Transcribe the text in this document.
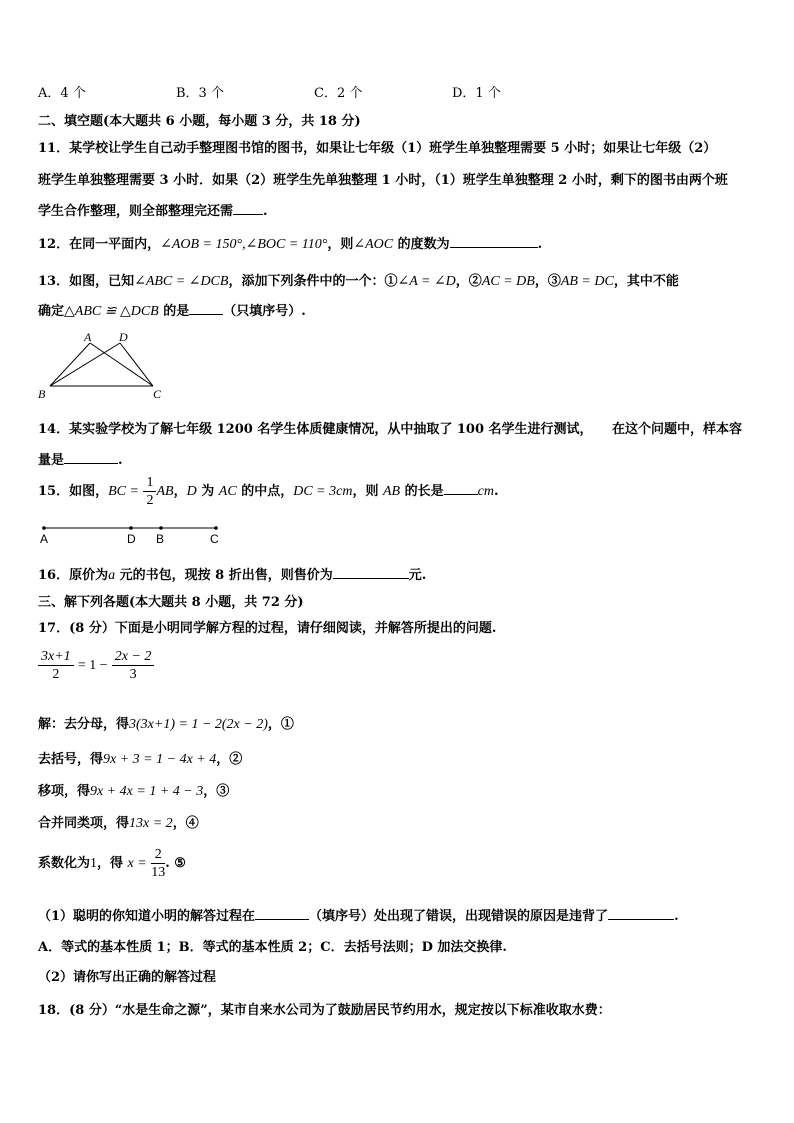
A．4 个	B．3 个	C．2 个	D．1 个
二、填空题(本大题共 6 小题，每小题 3 分，共 18 分)
11．某学校让学生自己动手整理图书馆的图书，如果让七年级（1）班学生单独整理需要 5 小时；如果让七年级（2）
班学生单独整理需要 3 小时．如果（2）班学生先单独整理 1 小时，（1）班学生单独整理 2 小时，剩下的图书由两个班
学生合作整理，则全部整理完还需 .
12．在同一平面内，∠AOB = 150°,∠BOC = 110°，则∠AOC 的度数为	.
13．如图，已知∠ABC = ∠DCB，添加下列条件中的一个：①∠A = ∠D，②AC = DB，③AB = DC，其中不能
确定△ABC ≌ △DCB 的是	（只填序号）.
A D
B	C
14．某实验学校为了解七年级 1200 名学生体质健康情况，从中抽取了 100 名学生进行测试，　　在这个问题中，样本容
量是	.
15．如图，BC = $\frac{1}{2}$ AB，D 为 AC 的中点，DC = 3cm，则 AB 的长是 cm.
A	D B	C
16．原价为a 元的书包，现按 8 折出售，则售价为	元.
三、解下列各题(本大题共 8 小题，共 72 分)
17．(8 分）下面是小明同学解方程的过程，请仔细阅读，并解答所提出的问题.
$\frac{3x+1}{2} = 1 - \frac{2x - 2}{3}$
解：去分母，得3(3x+1) = 1 − 2(2x − 2)，①
去括号，得9x + 3 = 1 − 4x + 4，②
移项，得9x + 4x = 1 + 4 − 3，③
合并同类项，得13x = 2，④
系数化为1，得 $x = \frac{2}{13}$ . ⑤
（1）聪明的你知道小明的解答过程在	（填序号）处出现了错误，出现错误的原因是违背了	.
A．等式的基本性质 1；B．等式的基本性质 2；C．去括号法则；D 加法交换律.
（2）请你写出正确的解答过程
18．(8 分）“水是生命之源”，某市自来水公司为了鼓励居民节约用水，规定按以下标准收取水费：
